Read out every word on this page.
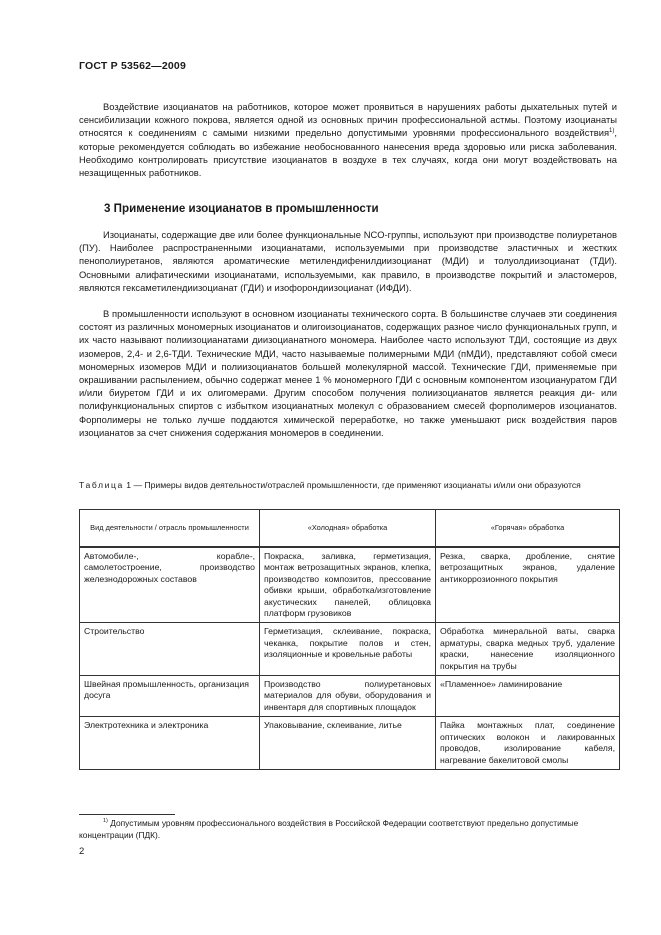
ГОСТ Р 53562—2009

Воздействие изоцианатов на работников, которое может проявиться в нарушениях работы дыхательных путей и сенсибилизации кожного покрова, является одной из основных причин профессиональной астмы. Поэтому изоцианаты относятся к соединениям с самыми низкими предельно допустимыми уровнями профессионального воздействия$^{1)}$, которые рекомендуется соблюдать во избежание необоснованного нанесения вреда здоровью или риска заболевания. Необходимо контролировать присутствие изоцианатов в воздухе в тех случаях, когда они могут воздействовать на незащищенных работников.

3 Применение изоцианатов в промышленности

Изоцианаты, содержащие две или более функциональные NCO-группы, используют при производстве полиуретанов (ПУ). Наиболее распространенными изоцианатами, используемыми при производстве эластичных и жестких пенополиуретанов, являются ароматические метилендифенилдиизоцианат (МДИ) и толуолдиизоцианат (ТДИ). Основными алифатическими изоцианатами, используемыми, как правило, в производстве покрытий и эластомеров, являются гексаметилендиизоцианат (ГДИ) и изофорондиизоцианат (ИФДИ).

В промышленности используют в основном изоцианаты технического сорта. В большинстве случаев эти соединения состоят из различных мономерных изоцианатов и олигоизоцианатов, содержащих разное число функциональных групп, и их часто называют полиизоцианатами диизоцианатного мономера. Наиболее часто используют ТДИ, состоящие из двух изомеров, 2,4- и 2,6-ТДИ. Технические МДИ, часто называемые полимерными МДИ (пМДИ), представляют собой смеси мономерных изомеров МДИ и полиизоцианатов большей молекулярной массой. Технические ГДИ, применяемые при окрашивании распылением, обычно содержат менее 1 % мономерного ГДИ с основным компонентом изоциануратом ГДИ и/или биуретом ГДИ и их олигомерами. Другим способом получения полиизоцианатов является реакция ди- или полифункциональных спиртов с избытком изоцианатных молекул с образованием смесей форполимеров изоцианатов. Форполимеры не только лучше поддаются химической переработке, но также уменьшают риск воздействия паров изоцианатов за счет снижения содержания мономеров в соединении.

Таблица 1 — Примеры видов деятельности/отраслей промышленности, где применяют изоцианаты и/или они образуются

Вид деятельности / отрасль промышленности	«Холодная» обработка	«Горячая» обработка
Автомобиле-, корабле-, самолетостроение, производство железнодорожных составов	Покраска, заливка, герметизация, монтаж ветрозащитных экранов, клепка, производство композитов, прессование обивки крыши, обработка/изготовление акустических панелей, облицовка платформ грузовиков	Резка, сварка, дробление, снятие ветрозащитных экранов, удаление антикоррозионного покрытия
Строительство	Герметизация, склеивание, покраска, чеканка, покрытие полов и стен, изоляционные и кровельные работы	Обработка минеральной ваты, сварка арматуры, сварка медных труб, удаление краски, нанесение изоляционного покрытия на трубы
Швейная промышленность, организация досуга	Производство полиуретановых материалов для обуви, оборудования и инвентаря для спортивных площадок	«Пламенное» ламинирование
Электротехника и электроника	Упаковывание, склеивание, литье	Пайка монтажных плат, соединение оптических волокон и лакированных проводов, изолирование кабеля, нагревание бакелитовой смолы

$^{1)}$ Допустимым уровням профессионального воздействия в Российской Федерации соответствуют предельно допустимые концентрации (ПДК).

2
